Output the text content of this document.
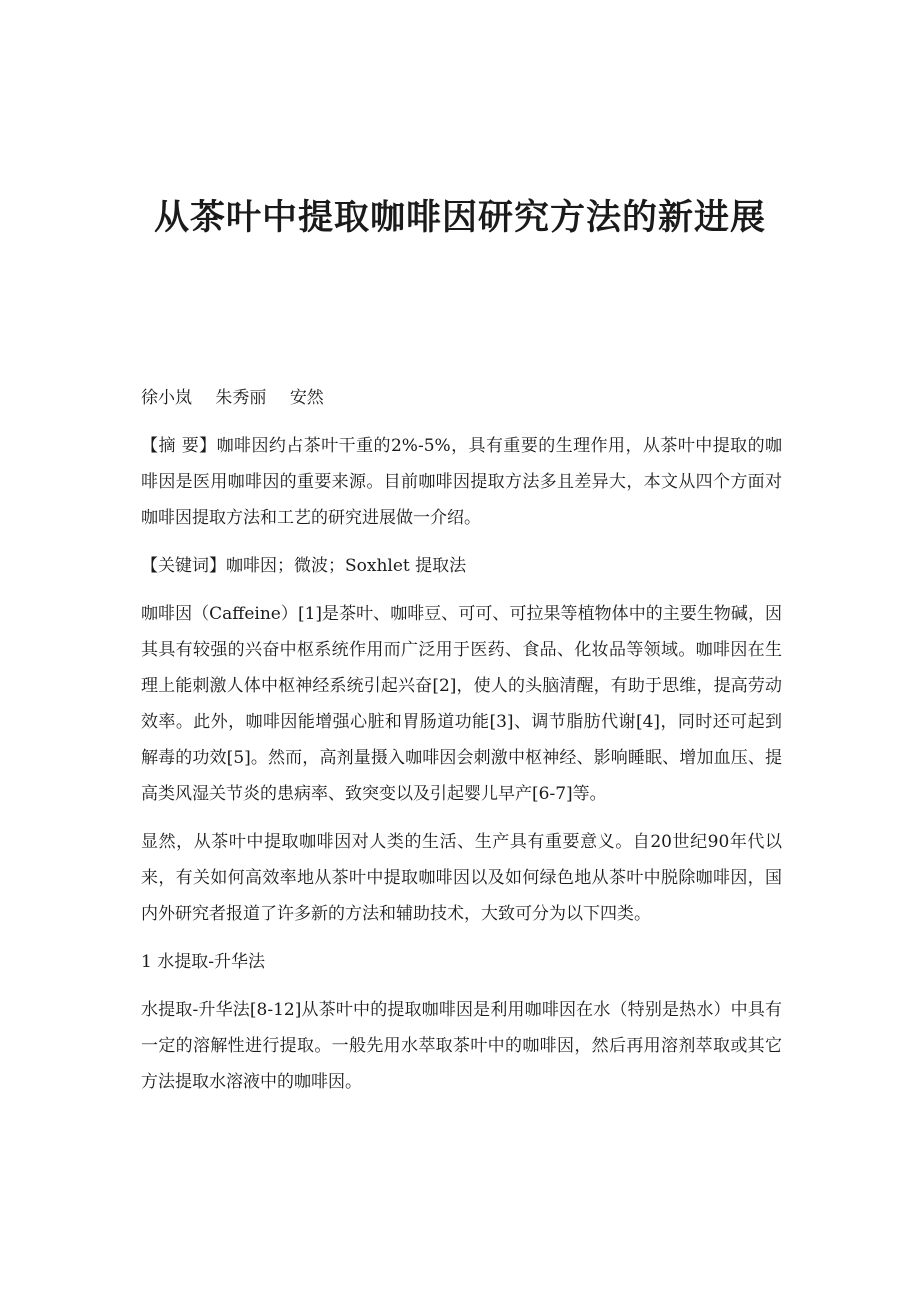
从茶叶中提取咖啡因研究方法的新进展

徐小岚 朱秀丽 安然

【摘 要】咖啡因约占茶叶干重的2%-5%，具有重要的生理作用，从茶叶中提取的咖啡因是医用咖啡因的重要来源。目前咖啡因提取方法多且差异大，本文从四个方面对咖啡因提取方法和工艺的研究进展做一介绍。

【关键词】咖啡因；微波；Soxhlet 提取法

咖啡因（Caffeine）[1]是茶叶、咖啡豆、可可、可拉果等植物体中的主要生物碱，因其具有较强的兴奋中枢系统作用而广泛用于医药、食品、化妆品等领域。咖啡因在生理上能刺激人体中枢神经系统引起兴奋[2]，使人的头脑清醒，有助于思维，提高劳动效率。此外，咖啡因能增强心脏和胃肠道功能[3]、调节脂肪代谢[4]，同时还可起到解毒的功效[5]。然而，高剂量摄入咖啡因会刺激中枢神经、影响睡眠、增加血压、提高类风湿关节炎的患病率、致突变以及引起婴儿早产[6-7]等。

显然，从茶叶中提取咖啡因对人类的生活、生产具有重要意义。自20世纪90年代以来，有关如何高效率地从茶叶中提取咖啡因以及如何绿色地从茶叶中脱除咖啡因，国内外研究者报道了许多新的方法和辅助技术，大致可分为以下四类。

1 水提取-升华法

水提取-升华法[8-12]从茶叶中的提取咖啡因是利用咖啡因在水（特别是热水）中具有一定的溶解性进行提取。一般先用水萃取茶叶中的咖啡因，然后再用溶剂萃取或其它方法提取水溶液中的咖啡因。
